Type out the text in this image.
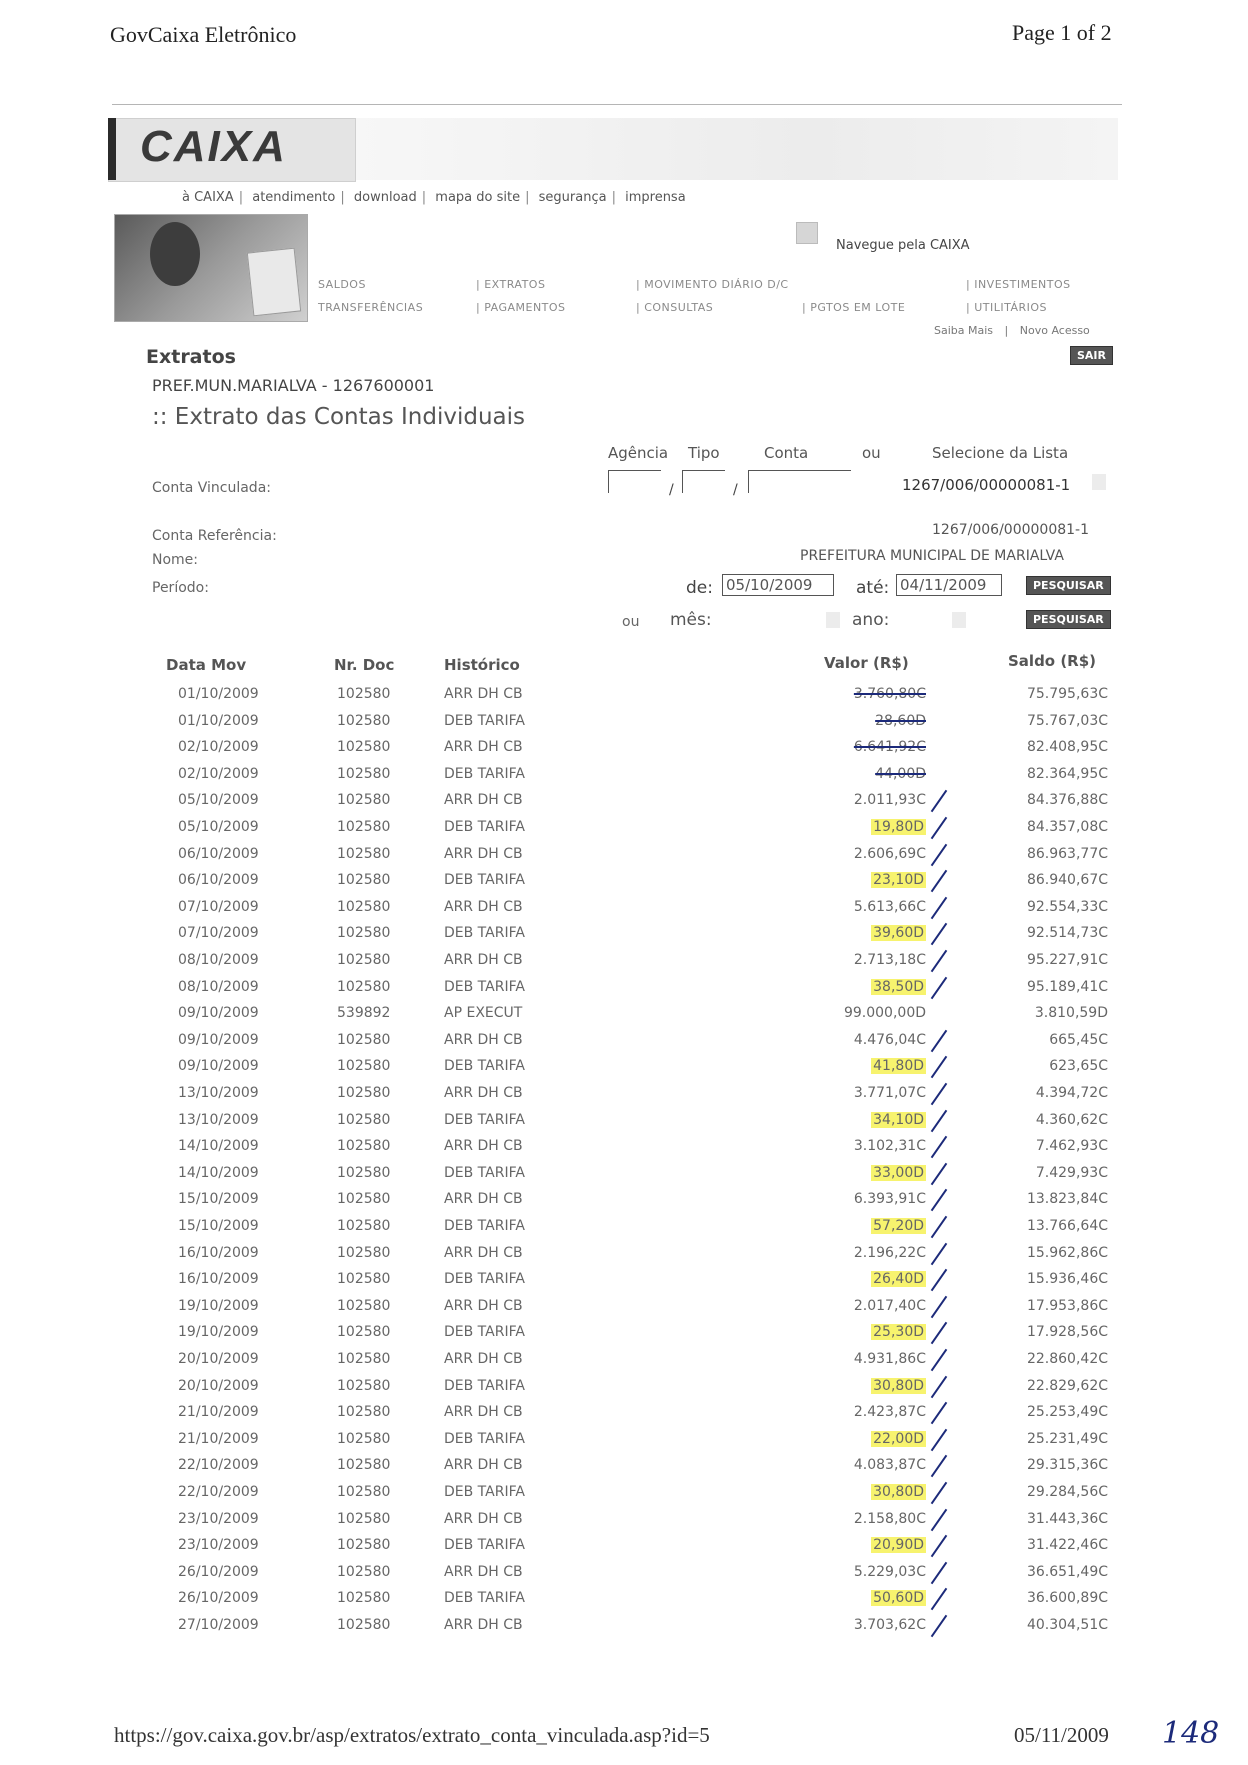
GovCaixa Eletrônico	Page 1 of 2
CAIXA
à CAIXA | atendimento | download | mapa do site | segurança | imprensa
Navegue pela CAIXA
SALDOS	| EXTRATOS	| MOVIMENTO DIÁRIO D/C	| INVESTIMENTOS
TRANSFERÊNCIAS	| PAGAMENTOS	| CONSULTAS	| PGTOS EM LOTE	| UTILITÁRIOS
Saiba Mais | Novo Acesso
SAIR
Extratos
PREF.MUN.MARIALVA - 1267600001
:: Extrato das Contas Individuais
Agência Tipo	Conta	ou	Selecione da Lista
Conta Vinculada:	/	/	1267/006/00000081-1
Conta Referência:	1267/006/00000081-1
Nome:	PREFEITURA MUNICIPAL DE MARIALVA
Período:	de: 05/10/2009	até: 04/11/2009	PESQUISAR
ou mês:	ano:	PESQUISAR
Data Mov	Nr. Doc	Histórico	Valor (R$)	Saldo (R$)
01/10/2009	102580	ARR DH CB	3.760,80C	75.795,63C
01/10/2009	102580	DEB TARIFA	28,60D	75.767,03C
02/10/2009	102580	ARR DH CB	6.641,92C	82.408,95C
02/10/2009	102580	DEB TARIFA	44,00D	82.364,95C
05/10/2009	102580	ARR DH CB	2.011,93C	84.376,88C
05/10/2009	102580	DEB TARIFA	19,80D	84.357,08C
06/10/2009	102580	ARR DH CB	2.606,69C	86.963,77C
06/10/2009	102580	DEB TARIFA	23,10D	86.940,67C
07/10/2009	102580	ARR DH CB	5.613,66C	92.554,33C
07/10/2009	102580	DEB TARIFA	39,60D	92.514,73C
08/10/2009	102580	ARR DH CB	2.713,18C	95.227,91C
08/10/2009	102580	DEB TARIFA	38,50D	95.189,41C
09/10/2009	539892	AP EXECUT	99.000,00D	3.810,59D
09/10/2009	102580	ARR DH CB	4.476,04C	665,45C
09/10/2009	102580	DEB TARIFA	41,80D	623,65C
13/10/2009	102580	ARR DH CB	3.771,07C	4.394,72C
13/10/2009	102580	DEB TARIFA	34,10D	4.360,62C
14/10/2009	102580	ARR DH CB	3.102,31C	7.462,93C
14/10/2009	102580	DEB TARIFA	33,00D	7.429,93C
15/10/2009	102580	ARR DH CB	6.393,91C	13.823,84C
15/10/2009	102580	DEB TARIFA	57,20D	13.766,64C
16/10/2009	102580	ARR DH CB	2.196,22C	15.962,86C
16/10/2009	102580	DEB TARIFA	26,40D	15.936,46C
19/10/2009	102580	ARR DH CB	2.017,40C	17.953,86C
19/10/2009	102580	DEB TARIFA	25,30D	17.928,56C
20/10/2009	102580	ARR DH CB	4.931,86C	22.860,42C
20/10/2009	102580	DEB TARIFA	30,80D	22.829,62C
21/10/2009	102580	ARR DH CB	2.423,87C	25.253,49C
21/10/2009	102580	DEB TARIFA	22,00D	25.231,49C
22/10/2009	102580	ARR DH CB	4.083,87C	29.315,36C
22/10/2009	102580	DEB TARIFA	30,80D	29.284,56C
23/10/2009	102580	ARR DH CB	2.158,80C	31.443,36C
23/10/2009	102580	DEB TARIFA	20,90D	31.422,46C
26/10/2009	102580	ARR DH CB	5.229,03C	36.651,49C
26/10/2009	102580	DEB TARIFA	50,60D	36.600,89C
27/10/2009	102580	ARR DH CB	3.703,62C	40.304,51C
https://gov.caixa.gov.br/asp/extratos/extrato_conta_vinculada.asp?id=5	05/11/2009 148
